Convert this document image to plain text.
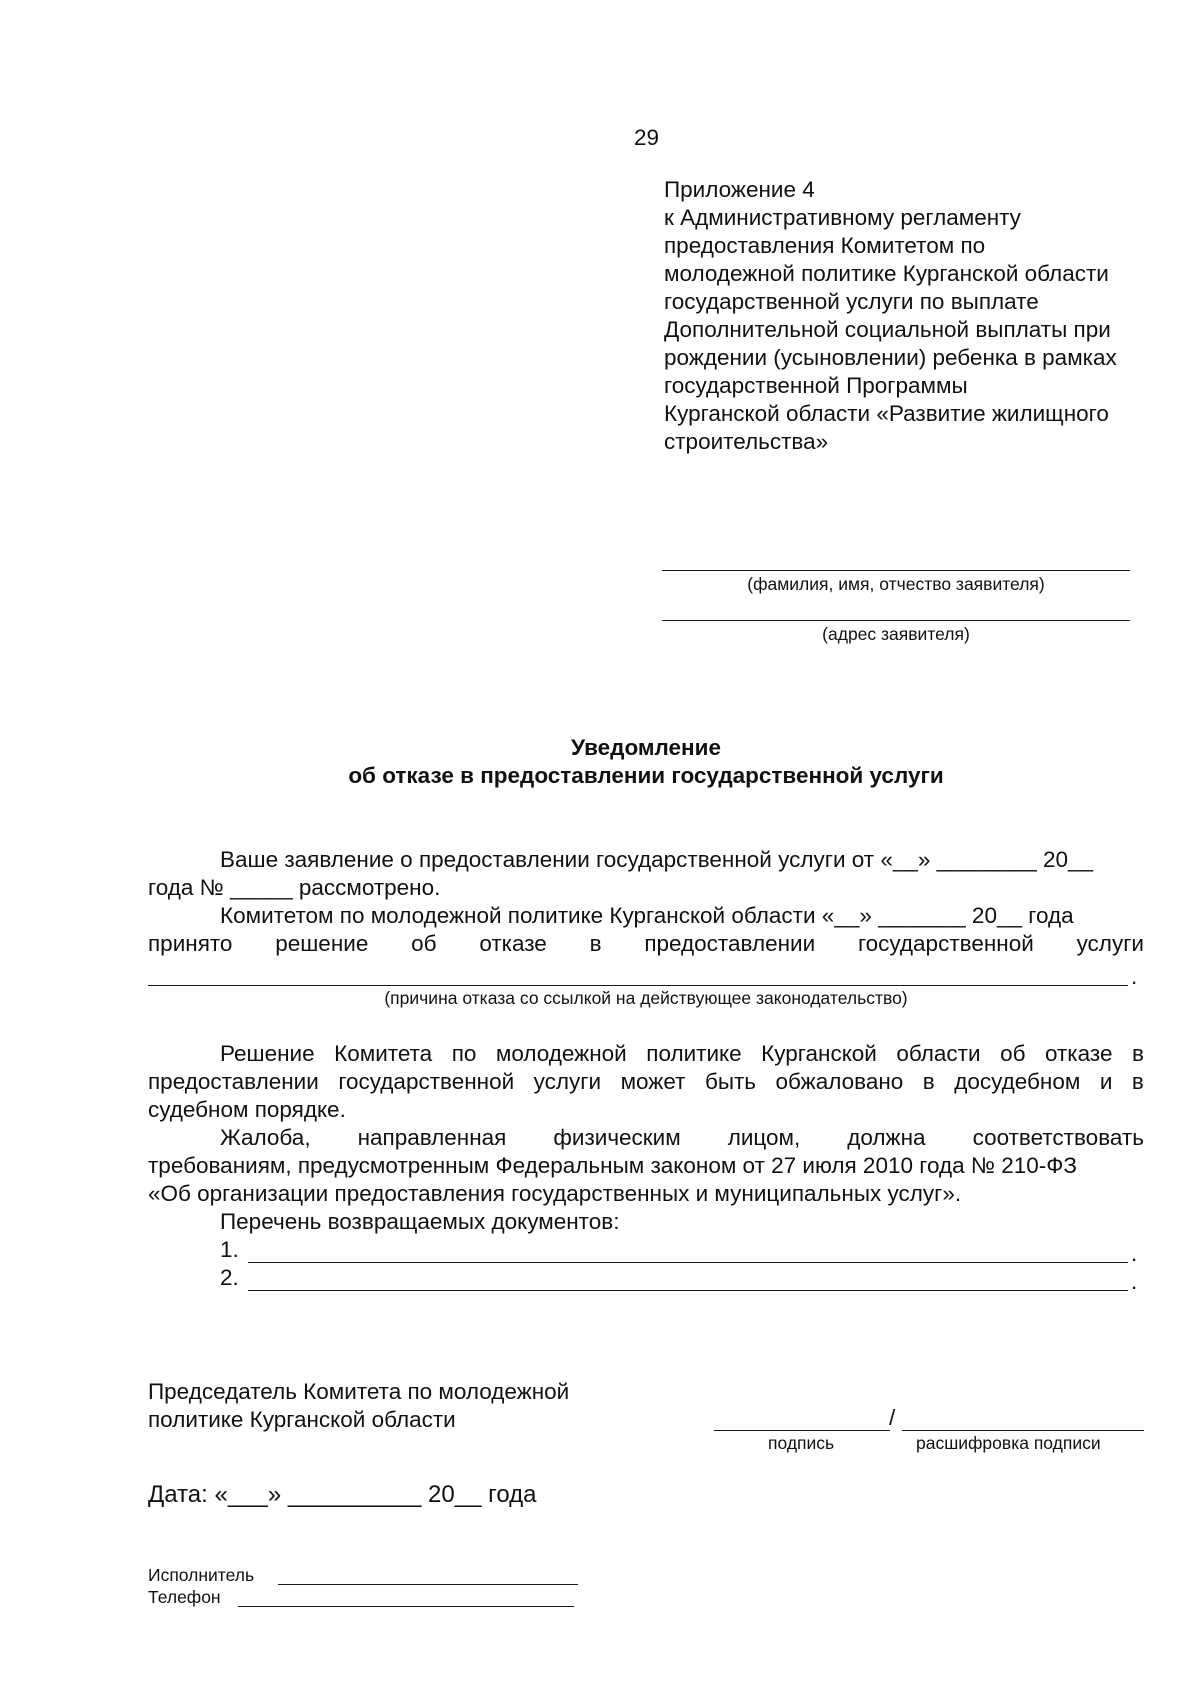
29
Приложение 4
к Административному регламенту
предоставления Комитетом по
молодежной политике Курганской области
государственной услуги по выплате
Дополнительной социальной выплаты при
рождении (усыновлении) ребенка в рамках
государственной Программы
Курганской области «Развитие жилищного
строительства»
(фамилия, имя, отчество заявителя)
(адрес заявителя)
Уведомление
об отказе в предоставлении государственной услуги
Ваше заявление о предоставлении государственной услуги от «__» ________ 20__
года № _____ рассмотрено.
Комитетом по молодежной политике Курганской области «__» _______ 20__ года
принято решение об отказе в предоставлении государственной услуги
.
(причина отказа со ссылкой на действующее законодательство)
Решение Комитета по молодежной политике Курганской области об отказе в
предоставлении государственной услуги может быть обжаловано в досудебном и в
судебном порядке.
Жалоба, направленная физическим лицом, должна соответствовать
требованиям, предусмотренным Федеральным законом от 27 июля 2010 года № 210-ФЗ
«Об организации предоставления государственных и муниципальных услуг».
Перечень возвращаемых документов:
1.	.
2.	.
Председатель Комитета по молодежной
политике Курганской области	/
подпись	расшифровка подписи
Дата: «___» __________ 20__ года
Исполнитель
Телефон
